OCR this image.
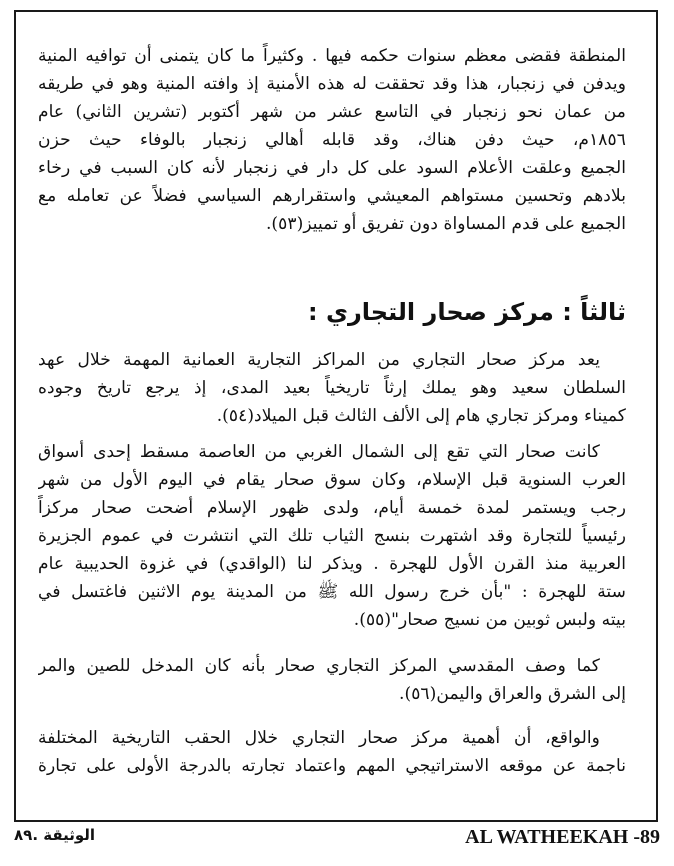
المنطقة فقضى معظم سنوات حكمه فيها . وكثيراً ما كان يتمنى أن توافيه المنية
ويدفن في زنجبار، هذا وقد تحققت له هذه الأمنية إذ وافته المنية وهو في طريقه
من عمان نحو زنجبار في التاسع عشر من شهر أكتوبر (تشرين الثاني) عام
١٨٥٦م، حيث دفن هناك، وقد قابله أهالي زنجبار بالوفاء حيث حزن
الجميع وعلقت الأعلام السود على كل دار في زنجبار لأنه كان السبب في رخاء
بلادهم وتحسين مستواهم المعيشي واستقرارهم السياسي فضلاً عن تعامله مع
الجميع على قدم المساواة دون تفريق أو تمييز(٥٣).
ثالثاً : مركز صحار التجاري :
يعد مركز صحار التجاري من المراكز التجارية العمانية المهمة خلال عهد
السلطان سعيد وهو يملك إرثاً تاريخياً بعيد المدى، إذ يرجع تاريخ وجوده
كميناء ومركز تجاري هام إلى الألف الثالث قبل الميلاد(٥٤).
كانت صحار التي تقع إلى الشمال الغربي من العاصمة مسقط إحدى أسواق
العرب السنوية قبل الإسلام، وكان سوق صحار يقام في اليوم الأول من شهر
رجب ويستمر لمدة خمسة أيام، ولدى ظهور الإسلام أضحت صحار مركزاً
رئيسياً للتجارة وقد اشتهرت بنسج الثياب تلك التي انتشرت في عموم الجزيرة
العربية منذ القرن الأول للهجرة . ويذكر لنا (الواقدي) في غزوة الحديبية عام
ستة للهجرة : "بأن خرج رسول الله ﷺ من المدينة يوم الاثنين فاغتسل في
بيته ولبس ثوبين من نسيج صحار"(٥٥).
كما وصف المقدسي المركز التجاري صحار بأنه كان المدخل للصين والمر
إلى الشرق والعراق واليمن(٥٦).
والواقع، أن أهمية مركز صحار التجاري خلال الحقب التاريخية المختلفة
ناجمة عن موقعه الاستراتيجي المهم واعتماد تجارته بالدرجة الأولى على تجارة
AL WATHEEKAH -89
الوثيقة .٨٩
